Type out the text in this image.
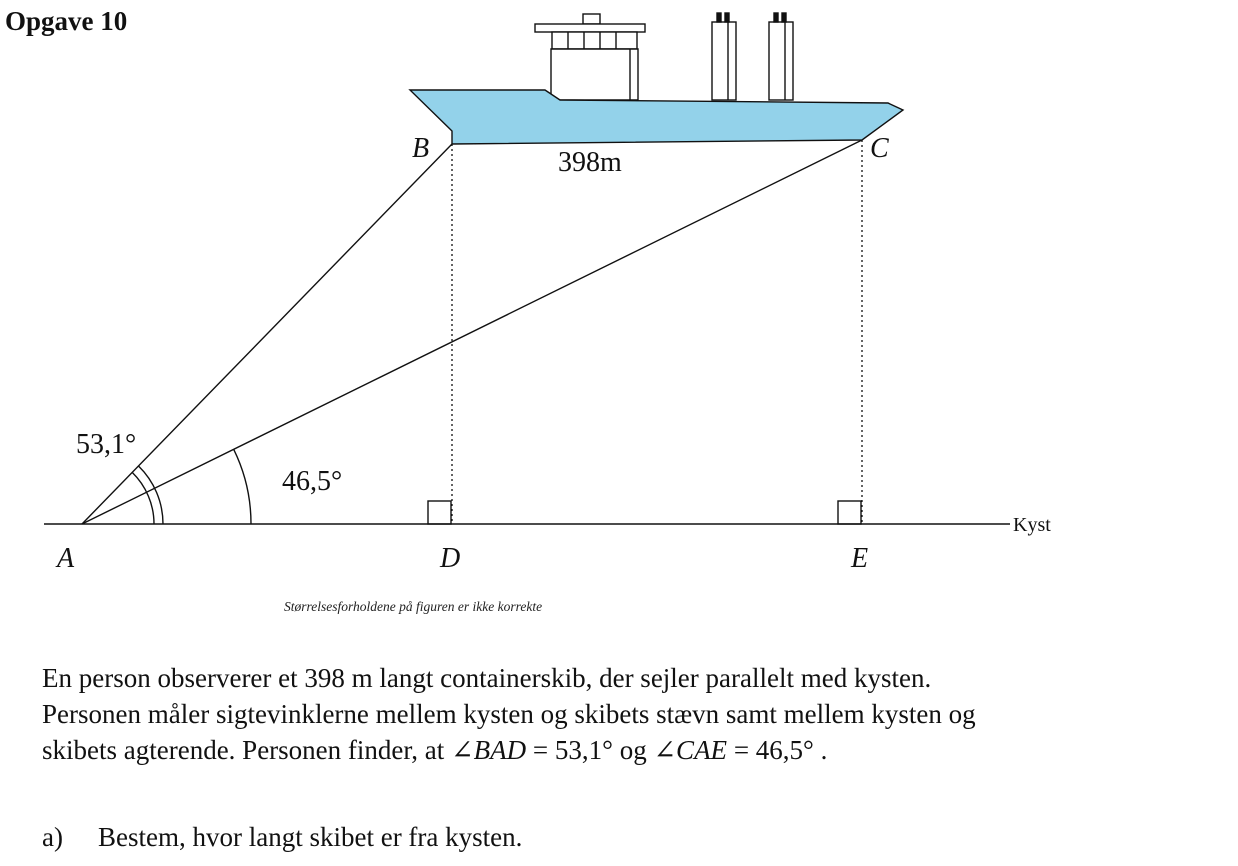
Opgave 10
B	C
A	D	E
398m
53,1°
46,5°
Kyst
Størrelsesforholdene på figuren er ikke korrekte

En person observerer et 398 m langt containerskib, der sejler parallelt med kysten.

Personen måler sigtevinklerne mellem kysten og skibets stævn samt mellem kysten og

skibets agterende. Personen finder, at ∠BAD = 53,1° og ∠CAE = 46,5° .

a) Bestem, hvor langt skibet er fra kysten.
